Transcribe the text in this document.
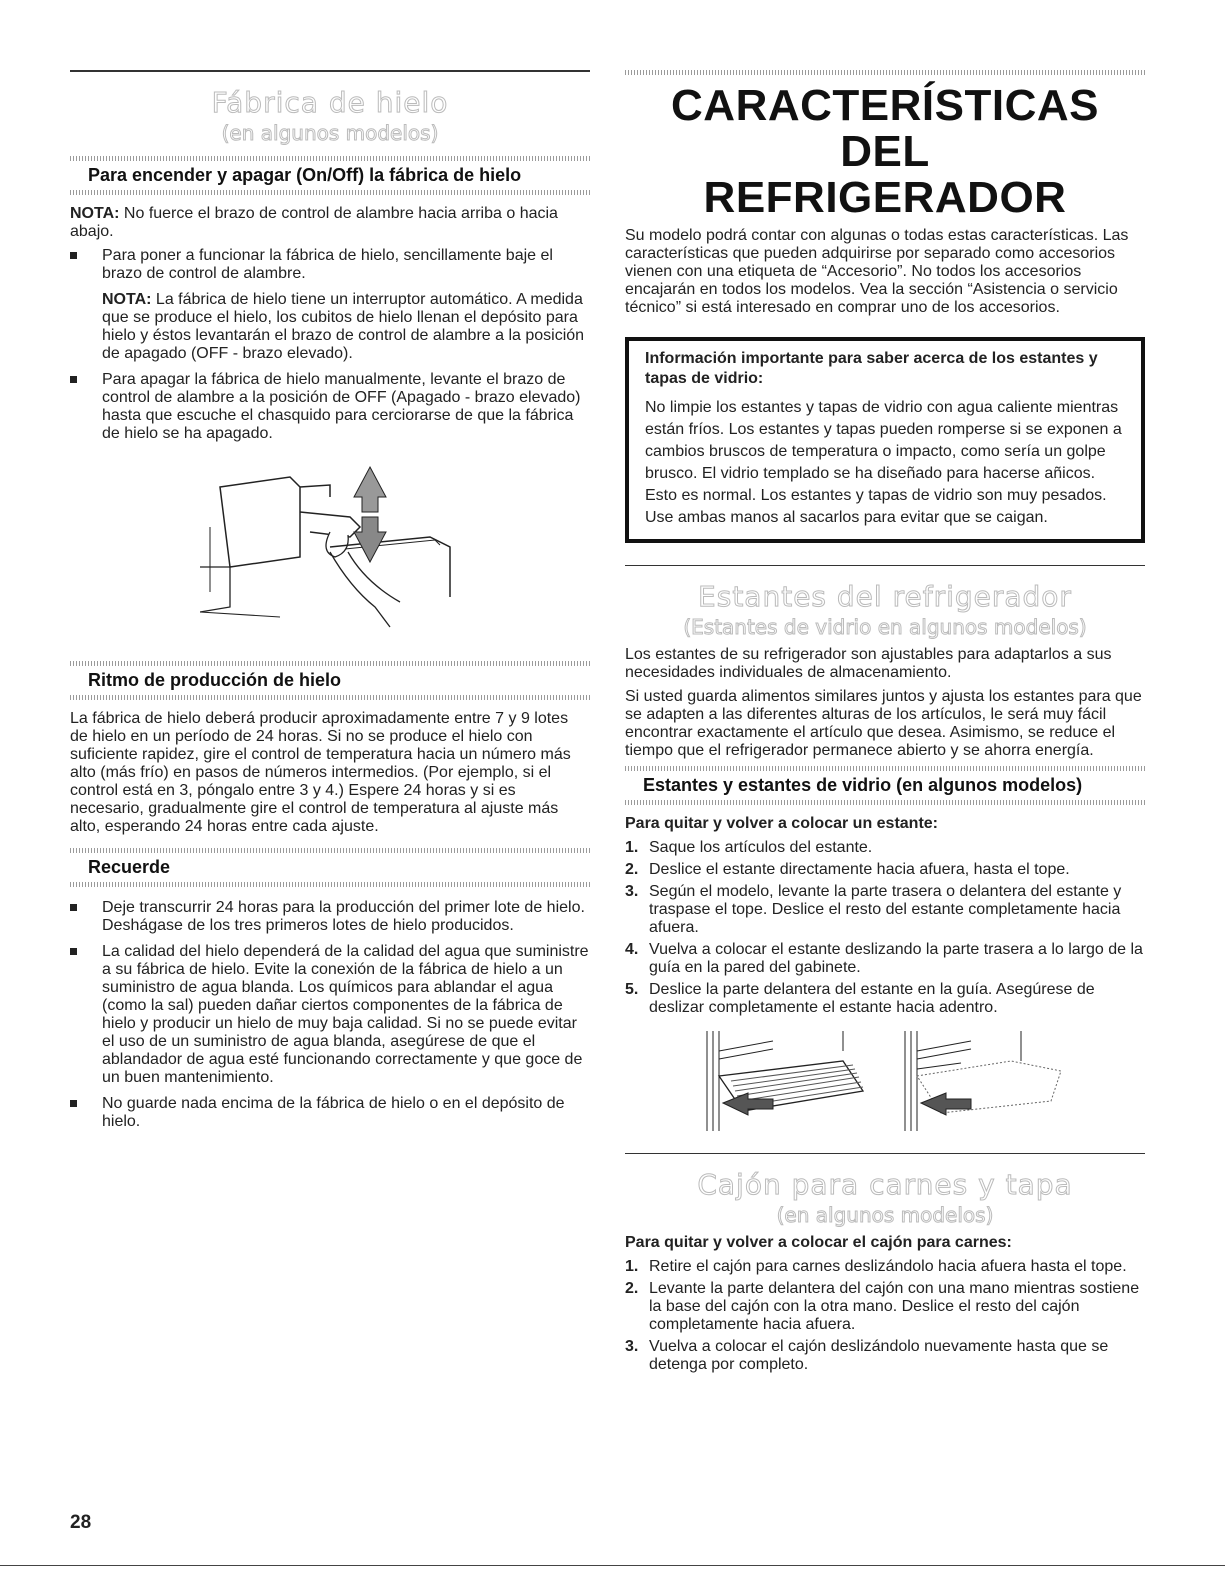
Fábrica de hielo
(en algunos modelos)
Para encender y apagar (On/Off) la fábrica de hielo

NOTA: No fuerce el brazo de control de alambre hacia arriba o hacia abajo.

Para poner a funcionar la fábrica de hielo, sencillamente baje el brazo de control de alambre.

NOTA: La fábrica de hielo tiene un interruptor automático. A medida que se produce el hielo, los cubitos de hielo llenan el depósito para hielo y éstos levantarán el brazo de control de alambre a la posición de apagado (OFF - brazo elevado).

Para apagar la fábrica de hielo manualmente, levante el brazo de control de alambre a la posición de OFF (Apagado - brazo elevado) hasta que escuche el chasquido para cerciorarse de que la fábrica de hielo se ha apagado.
Ritmo de producción de hielo

La fábrica de hielo deberá producir aproximadamente entre 7 y 9 lotes de hielo en un período de 24 horas. Si no se produce el hielo con suficiente rapidez, gire el control de temperatura hacia un número más alto (más frío) en pasos de números intermedios. (Por ejemplo, si el control está en 3, póngalo entre 3 y 4.) Espere 24 horas y si es necesario, gradualmente gire el control de temperatura al ajuste más alto, esperando 24 horas entre cada ajuste.

Recuerde
Deje transcurrir 24 horas para la producción del primer lote de hielo. Deshágase de los tres primeros lotes de hielo producidos.
La calidad del hielo dependerá de la calidad del agua que suministre a su fábrica de hielo. Evite la conexión de la fábrica de hielo a un suministro de agua blanda. Los químicos para ablandar el agua (como la sal) pueden dañar ciertos componentes de la fábrica de hielo y producir un hielo de muy baja calidad. Si no se puede evitar el uso de un suministro de agua blanda, asegúrese de que el ablandador de agua esté funcionando correctamente y que goce de un buen mantenimiento.
No guarde nada encima de la fábrica de hielo o en el depósito de hielo.
CARACTERÍSTICAS DEL
REFRIGERADOR

Su modelo podrá contar con algunas o todas estas características. Las características que pueden adquirirse por separado como accesorios vienen con una etiqueta de “Accesorio”. No todos los accesorios encajarán en todos los modelos. Vea la sección “Asistencia o servicio técnico” si está interesado en comprar uno de los accesorios.

Información importante para saber acerca de los estantes y tapas de vidrio:

No limpie los estantes y tapas de vidrio con agua caliente mientras están fríos. Los estantes y tapas pueden romperse si se exponen a cambios bruscos de temperatura o impacto, como sería un golpe brusco. El vidrio templado se ha diseñado para hacerse añicos. Esto es normal. Los estantes y tapas de vidrio son muy pesados. Use ambas manos al sacarlos para evitar que se caigan.

Estantes del refrigerador
(Estantes de vidrio en algunos modelos)

Los estantes de su refrigerador son ajustables para adaptarlos a sus necesidades individuales de almacenamiento.

Si usted guarda alimentos similares juntos y ajusta los estantes para que se adapten a las diferentes alturas de los artículos, le será muy fácil encontrar exactamente el artículo que desea. Asimismo, se reduce el tiempo que el refrigerador permanece abierto y se ahorra energía.

Estantes y estantes de vidrio (en algunos modelos)

Para quitar y volver a colocar un estante:

1. Saque los artículos del estante.
2. Deslice el estante directamente hacia afuera, hasta el tope.
3. Según el modelo, levante la parte trasera o delantera del estante y traspase el tope. Deslice el resto del estante completamente hacia afuera.
4. Vuelva a colocar el estante deslizando la parte trasera a lo largo de la guía en la pared del gabinete.
5. Deslice la parte delantera del estante en la guía. Asegúrese de deslizar completamente el estante hacia adentro.
Cajón para carnes y tapa
(en algunos modelos)

Para quitar y volver a colocar el cajón para carnes:

1. Retire el cajón para carnes deslizándolo hacia afuera hasta el tope.
2. Levante la parte delantera del cajón con una mano mientras sostiene la base del cajón con la otra mano. Deslice el resto del cajón completamente hacia afuera.
3. Vuelva a colocar el cajón deslizándolo nuevamente hasta que se detenga por completo.
28
